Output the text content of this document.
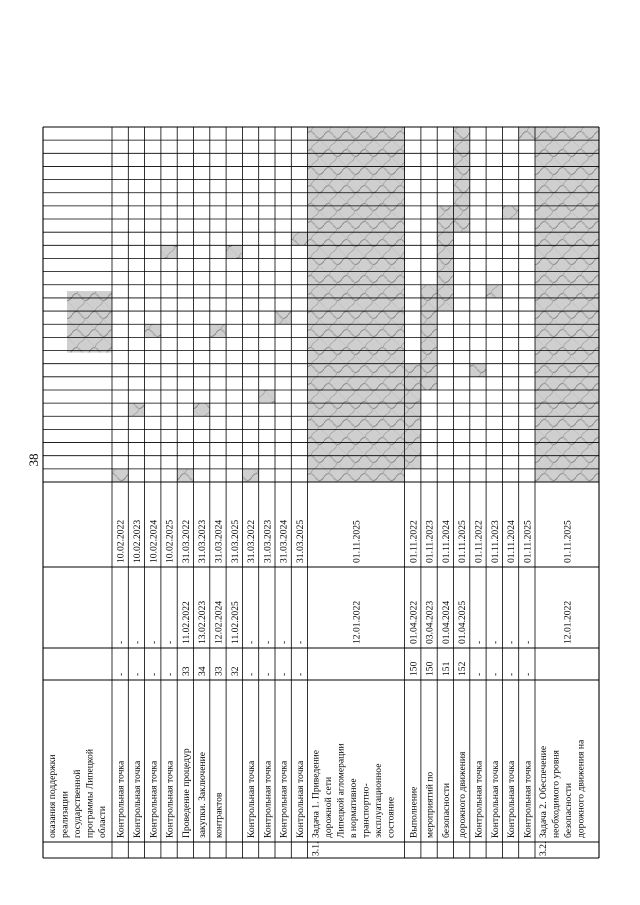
38
оказания поддержки реализации государственной программы Липецкой области Контрольная точка
-
-
10.02.2022
Контрольная точка
-
-
10.02.2023
Контрольная точка
-
-
10.02.2024
Контрольная точка
-
-
10.02.2025
Проведение процедур
33
11.02.2022
31.03.2022
закупки. Заключение
34
13.02.2023
31.03.2023
контрактов
33
12.02.2024
31.03.2024
32
11.02.2025
31.03.2025
Контрольная точка
-
-
31.03.2022
Контрольная точка
-
-
31.03.2023
Контрольная точка
-
-
31.03.2024
Контрольная точка
-
-
31.03.2025
Задача 1. Приведение дорожной сети Липецкой агломерации в нормативное транспортно- эксплуатационное состояние
3.1.
12.01.2022
01.11.2025
Выполнение
150
01.04.2022
01.11.2022
мероприятий по
150
03.04.2023
01.11.2023
безопасности
151
01.04.2024
01.11.2024
дорожного движения
152
01.04.2025
01.11.2025
Контрольная точка
-
-
01.11.2022
Контрольная точка
-
-
01.11.2023
Контрольная точка
-
-
01.11.2024
Контрольная точка
-
-
01.11.2025
Задача 2. Обеспечение необходимого уровня безопасности дорожного движения на
3.2.
12.01.2022
01.11.2025
